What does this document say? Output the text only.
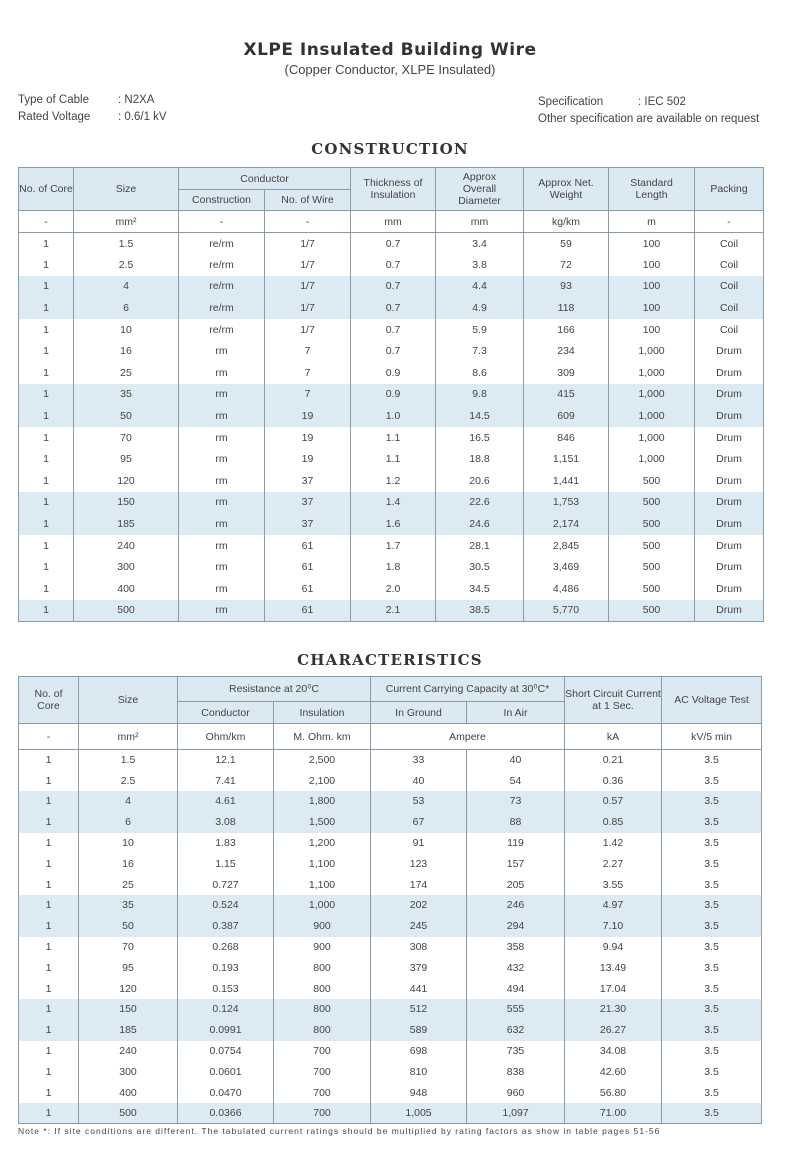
XLPE Insulated Building Wire
(Copper Conductor, XLPE Insulated)
Type of Cable	: N2XA
Rated Voltage : 0.6/1 kV
Specification	: IEC 502
Other specification are available on request
CONSTRUCTION
No. of Core	Size	Conductor		Thickness of Insulation	Approx Overall Diameter	Approx Net. Weight	Standard Length	Packing
		Construction	No. of Wire					
-	mm²	-	-	mm	mm	kg/km	m	-
1	1.5	re/rm	1/7	0.7	3.4	59	100	Coil
1	2.5	re/rm	1/7	0.7	3.8	72	100	Coil
1	4	re/rm	1/7	0.7	4.4	93	100	Coil
1	6	re/rm	1/7	0.7	4.9	118	100	Coil
1	10	re/rm	1/7	0.7	5.9	166	100	Coil
1	16	rm	7	0.7	7.3	234	1,000	Drum
1	25	rm	7	0.9	8.6	309	1,000	Drum
1	35	rm	7	0.9	9.8	415	1,000	Drum
1	50	rm	19	1.0	14.5	609	1,000	Drum
1	70	rm	19	1.1	16.5	846	1,000	Drum
1	95	rm	19	1.1	18.8	1,151	1,000	Drum
1	120	rm	37	1.2	20.6	1,441	500	Drum
1	150	rm	37	1.4	22.6	1,753	500	Drum
1	185	rm	37	1.6	24.6	2,174	500	Drum
1	240	rm	61	1.7	28.1	2,845	500	Drum
1	300	rm	61	1.8	30.5	3,469	500	Drum
1	400	rm	61	2.0	34.5	4,486	500	Drum
1	500	rm	61	2.1	38.5	5,770	500	Drum
CHARACTERISTICS
No. of Core	Size	Resistance at 20⁰C		Current Carrying Capacity at 30⁰C*		Short Circuit Current at 1 Sec.	AC Voltage Test
		Conductor	Insulation	In Ground	In Air		
-	mm²	Ohm/km	M. Ohm. km	Ampere		kA	kV/5 min
1	1.5	12.1	2,500	33	40	0.21	3.5
1	2.5	7.41	2,100	40	54	0.36	3.5
1	4	4.61	1,800	53	73	0.57	3.5
1	6	3.08	1,500	67	88	0.85	3.5
1	10	1.83	1,200	91	119	1.42	3.5
1	16	1.15	1,100	123	157	2.27	3.5
1	25	0.727	1,100	174	205	3.55	3.5
1	35	0.524	1,000	202	246	4.97	3.5
1	50	0.387	900	245	294	7.10	3.5
1	70	0.268	900	308	358	9.94	3.5
1	95	0.193	800	379	432	13.49	3.5
1	120	0.153	800	441	494	17.04	3.5
1	150	0.124	800	512	555	21.30	3.5
1	185	0.0991	800	589	632	26.27	3.5
1	240	0.0754	700	698	735	34.08	3.5
1	300	0.0601	700	810	838	42.60	3.5
1	400	0.0470	700	948	960	56.80	3.5
1	500	0.0366	700	1,005	1,097	71.00	3.5
Note *: If site conditions are different. The tabulated current ratings should be multiplied by rating factors as show in table pages 51-56
